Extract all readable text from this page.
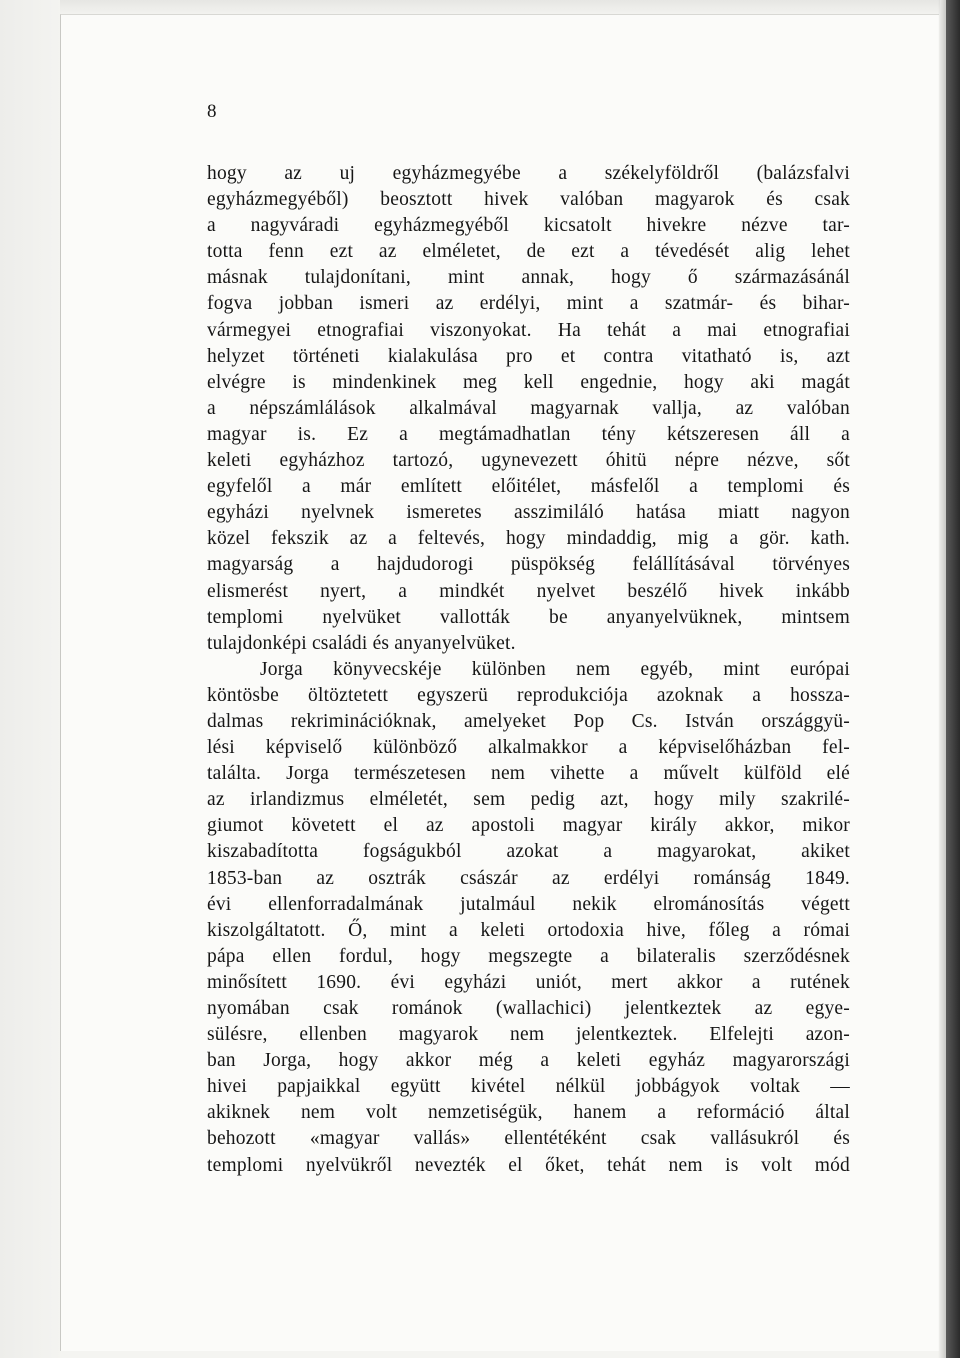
8
hogy az uj egyházmegyébe a székelyföldről (balázsfalvi
egyházmegyéből) beosztott hivek valóban magyarok és csak
a nagyváradi egyházmegyéből kicsatolt hivekre nézve tar-
totta fenn ezt az elméletet, de ezt a tévedését alig lehet
másnak tulajdonítani, mint annak, hogy ő származásánál
fogva jobban ismeri az erdélyi, mint a szatmár- és bihar-
vármegyei etnografiai viszonyokat. Ha tehát a mai etnografiai
helyzet történeti kialakulása pro et contra vitatható is, azt
elvégre is mindenkinek meg kell engednie, hogy aki magát
a népszámlálások alkalmával magyarnak vallja, az valóban
magyar is. Ez a megtámadhatlan tény kétszeresen áll a
keleti egyházhoz tartozó, ugynevezett óhitü népre nézve, sőt
egyfelől a már említett előitélet, másfelől a templomi és
egyházi nyelvnek ismeretes asszimiláló hatása miatt nagyon
közel fekszik az a feltevés, hogy mindaddig, mig a gör. kath.
magyarság a hajdudorogi püspökség felállításával törvényes
elismerést nyert, a mindkét nyelvet beszélő hivek inkább
templomi nyelvüket vallották be anyanyelvüknek, mintsem
tulajdonképi családi és anyanyelvüket.
Jorga könyvecskéje különben nem egyéb, mint európai
köntösbe öltöztetett egyszerü reprodukciója azoknak a hossza-
dalmas rekriminációknak, amelyeket Pop Cs. István országgyü-
lési képviselő különböző alkalmakkor a képviselőházban fel-
találta. Jorga természetesen nem vihette a művelt külföld elé
az irlandizmus elméletét, sem pedig azt, hogy mily szakrilé-
giumot követett el az apostoli magyar király akkor, mikor
kiszabadította fogságukból azokat a magyarokat, akiket
1853-ban az osztrák császár az erdélyi románság 1849.
évi ellenforradalmának jutalmául nekik elrománosítás végett
kiszolgáltatott. Ő, mint a keleti ortodoxia hive, főleg a római
pápa ellen fordul, hogy megszegte a bilateralis szerződésnek
minősített 1690. évi egyházi uniót, mert akkor a rutének
nyomában csak románok (wallachici) jelentkeztek az egye-
sülésre, ellenben magyarok nem jelentkeztek. Elfelejti azon-
ban Jorga, hogy akkor még a keleti egyház magyarországi
hivei papjaikkal együtt kivétel nélkül jobbágyok voltak —
akiknek nem volt nemzetiségük, hanem a reformáció által
behozott «magyar vallás» ellentétéként csak vallásukról és
templomi nyelvükről nevezték el őket, tehát nem is volt mód
